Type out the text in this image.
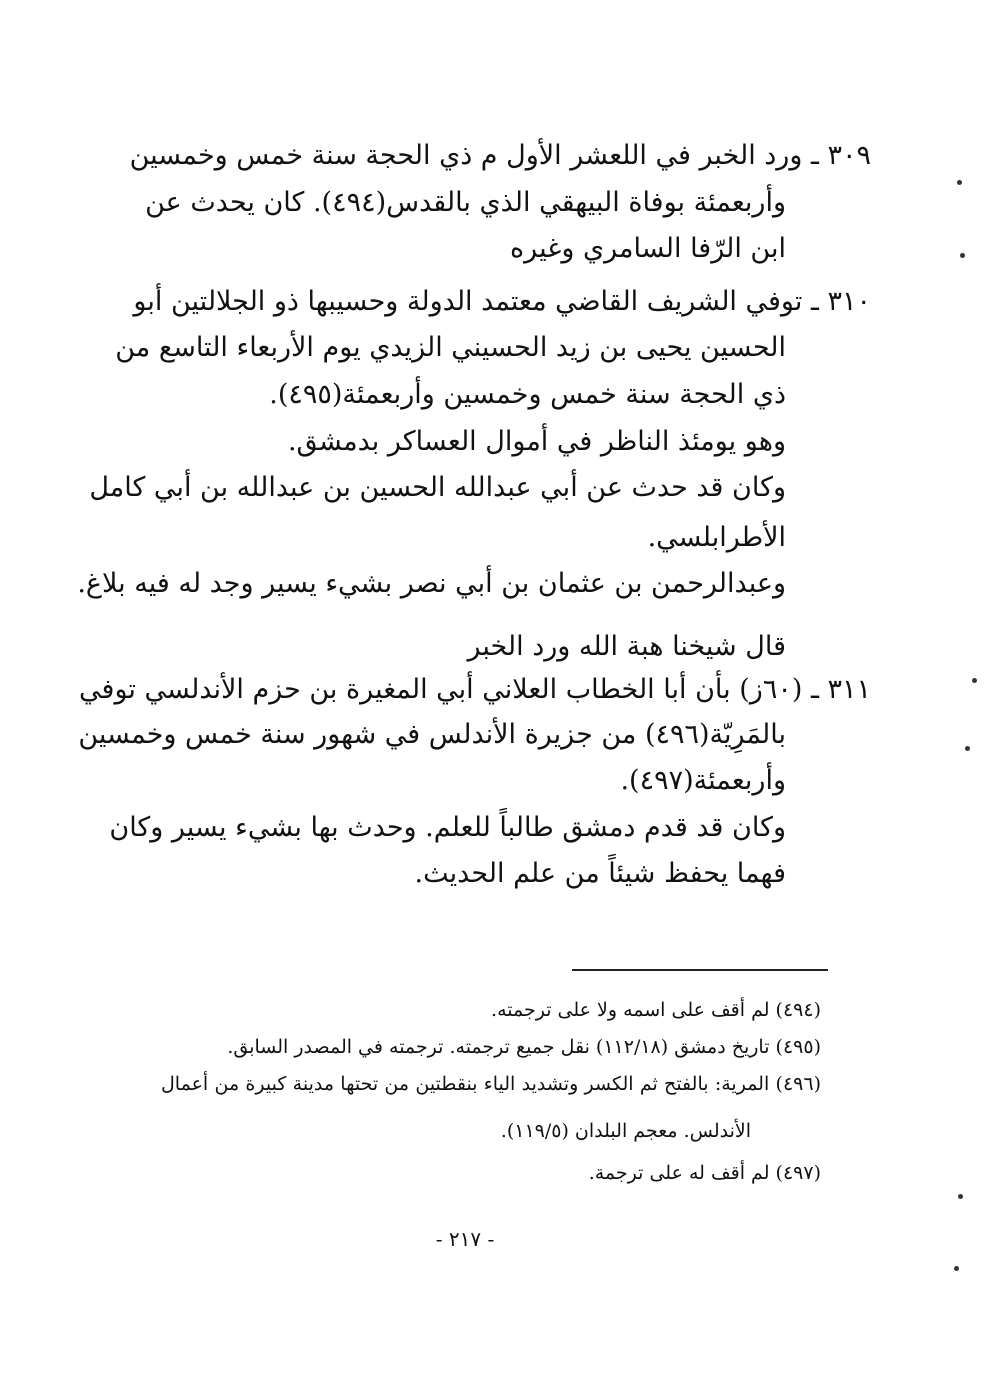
٣٠٩ ـ ورد الخبر في اللعشر الأول م ذي الحجة سنة خمس وخمسين
وأربعمئة بوفاة البيهقي الذي بالقدس(٤٩٤). كان يحدث عن
ابن الرّفا السامري وغيره
٣١٠ ـ توفي الشريف القاضي معتمد الدولة وحسيبها ذو الجلالتين أبو
الحسين يحيى بن زيد الحسيني الزيدي يوم الأربعاء التاسع من
ذي الحجة سنة خمس وخمسين وأربعمئة(٤٩٥).
وهو يومئذ الناظر في أموال العساكر بدمشق.
وكان قد حدث عن أبي عبدالله الحسين بن عبدالله بن أبي كامل
الأطرابلسي.
وعبدالرحمن بن عثمان بن أبي نصر بشيء يسير وجد له فيه بلاغ.
قال شيخنا هبة الله ورد الخبر
٣١١ ـ (٦٠ز) بأن أبا الخطاب العلاني أبي المغيرة بن حزم الأندلسي توفي
بالمَرِيّة(٤٩٦) من جزيرة الأندلس في شهور سنة خمس وخمسين
وأربعمئة(٤٩٧).
وكان قد قدم دمشق طالباً للعلم. وحدث بها بشيء يسير وكان
فهما يحفظ شيئاً من علم الحديث.
(٤٩٤) لم أقف على اسمه ولا على ترجمته.
(٤٩٥) تاريخ دمشق (١١٢/١٨) نقل جميع ترجمته. ترجمته في المصدر السابق.
(٤٩٦) المرية: بالفتح ثم الكسر وتشديد الياء بنقطتين من تحتها مدينة كبيرة من أعمال
الأندلس. معجم البلدان (١١٩/٥).
(٤٩٧) لم أقف له على ترجمة.
- ٢١٧ -
